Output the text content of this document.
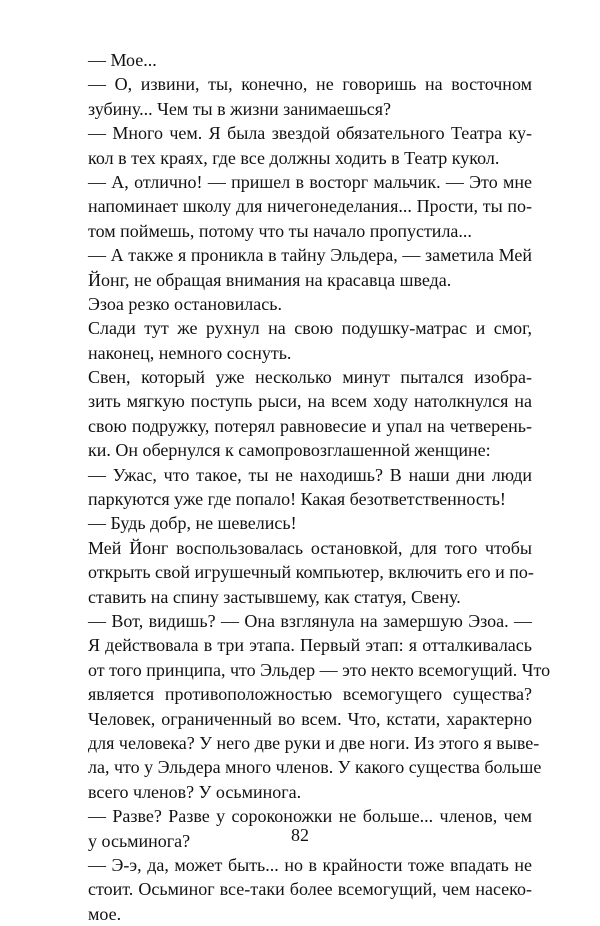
— Мое...
— О, извини, ты, конечно, не говоришь на восточном
зубину... Чем ты в жизни занимаешься?
— Много чем. Я была звездой обязательного Театра ку-
кол в тех краях, где все должны ходить в Театр кукол.
— А, отлично! — пришел в восторг мальчик. — Это мне
напоминает школу для ничегонеделания... Прости, ты по-
том поймешь, потому что ты начало пропустила...
— А также я проникла в тайну Эльдера, — заметила Мей
Йонг, не обращая внимания на красавца шведа.
Эзоа резко остановилась.
Слади тут же рухнул на свою подушку-матрас и смог,
наконец, немного соснуть.
Свен, который уже несколько минут пытался изобра-
зить мягкую поступь рыси, на всем ходу натолкнулся на
свою подружку, потерял равновесие и упал на четверень-
ки. Он обернулся к самопровозглашенной женщине:
— Ужас, что такое, ты не находишь? В наши дни люди
паркуются уже где попало! Какая безответственность!
— Будь добр, не шевелись!
Мей Йонг воспользовалась остановкой, для того чтобы
открыть свой игрушечный компьютер, включить его и по-
ставить на спину застывшему, как статуя, Свену.
— Вот, видишь? — Она взглянула на замершую Эзоа. —
Я действовала в три этапа. Первый этап: я отталкивалась
от того принципа, что Эльдер — это некто всемогущий. Что
является противоположностью всемогущего существа?
Человек, ограниченный во всем. Что, кстати, характерно
для человека? У него две руки и две ноги. Из этого я выве-
ла, что у Эльдера много членов. У какого существа больше
всего членов? У осьминога.
— Разве? Разве у сороконожки не больше... членов, чем
у осьминога?
— Э-э, да, может быть... но в крайности тоже впадать не
стоит. Осьминог все-таки более всемогущий, чем насеко-
мое.
82
